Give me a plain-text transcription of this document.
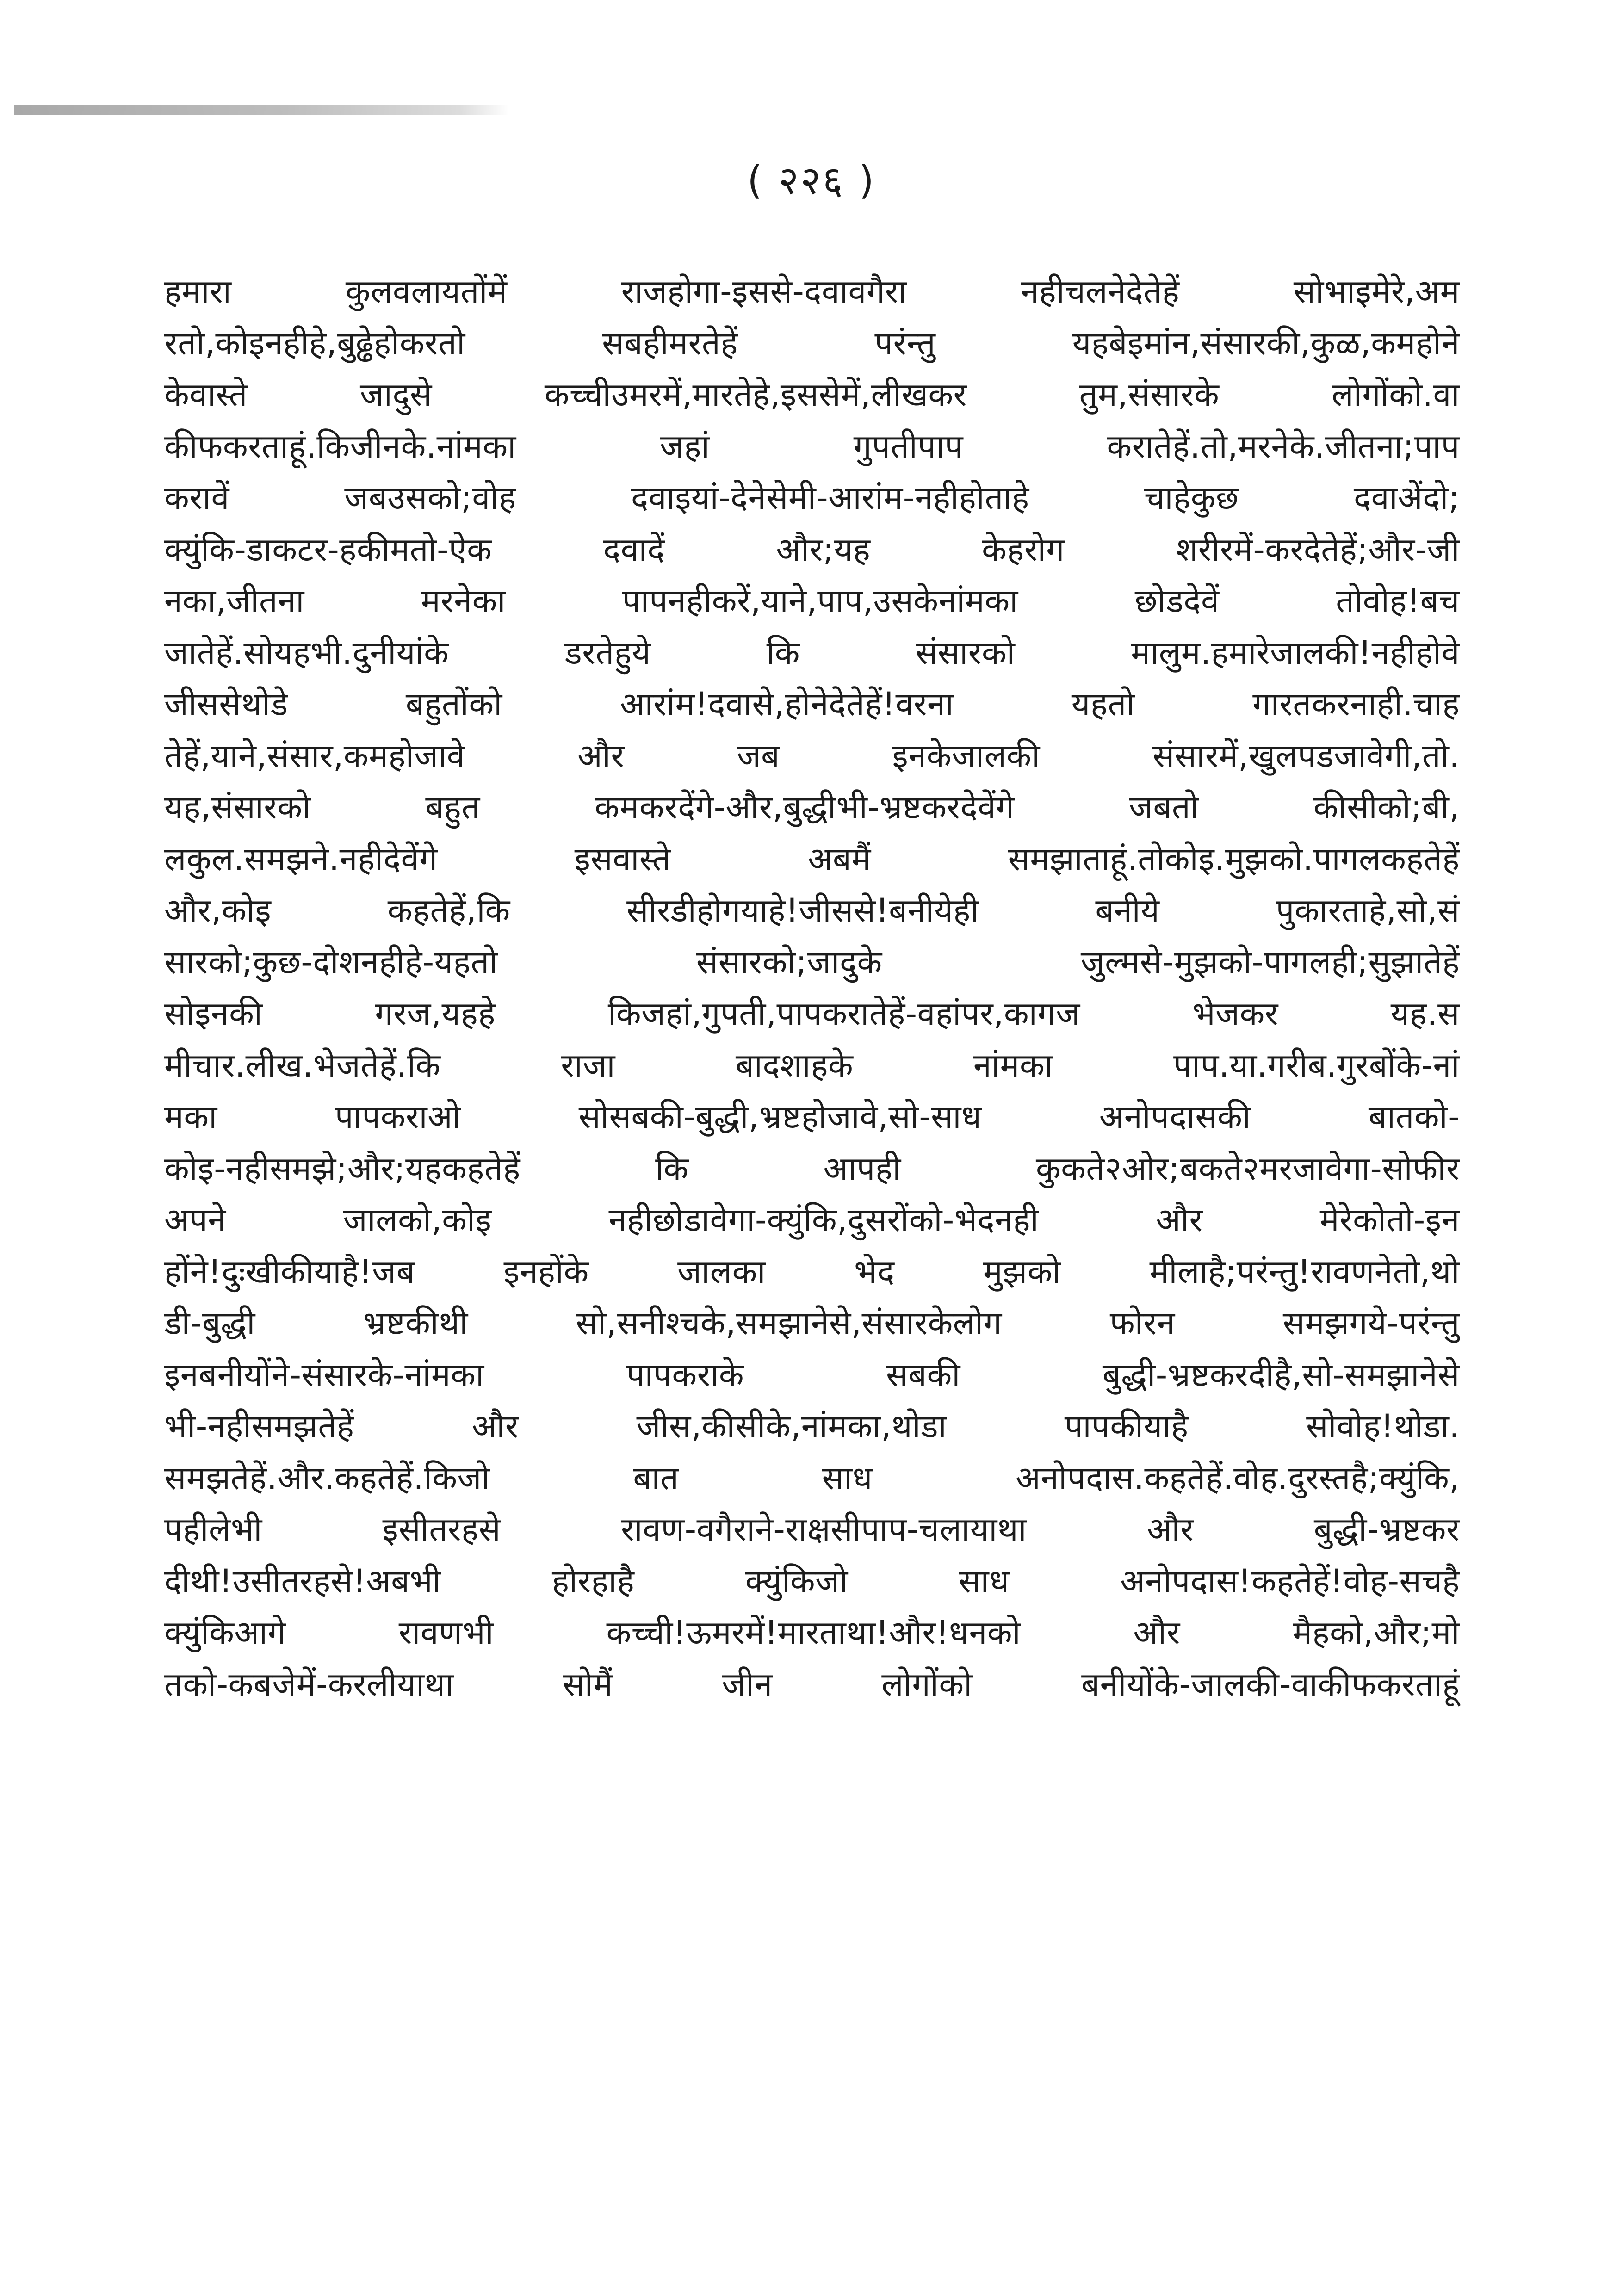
( २२६ )
हमारा कुलवलायतोंमें राजहोगा-इससे-दवावगैरा नहीचलनेदेतेहें सोभाइमेरे,अम
रतो,कोइनहीहे,बुढ्ढेहोकरतो सबहीमरतेहें परंन्तु यहबेइमांन,संसारकी,कुळ,कमहोने
केवास्ते जादुसे कच्चीउमरमें,मारतेहे,इससेमें,लीखकर तुम,संसारके लोगोंको.वा
कीफकरताहूं.किजीनके.नांमका जहां गुपतीपाप करातेहें.तो,मरनेके.जीतना;पाप
करावें जबउसको;वोह दवाइयां-देनेसेमी-आरांम-नहीहोताहे चाहेकुछ दवाअेंदो;
क्युंकि-डाकटर-हकीमतो-ऐक दवादें और;यह केहरोग शरीरमें-करदेतेहें;और-जी
नका,जीतना मरनेका पापनहीकरें,याने,पाप,उसकेनांमका छोडदेवें तोवोह!बच
जातेहें.सोयहभी.दुनीयांके डरतेहुये कि संसारको मालुम.हमारेजालकी!नहीहोवे
जीससेथोडे बहुतोंको आरांम!दवासे,होनेदेतेहें!वरना यहतो गारतकरनाही.चाह
तेहें,याने,संसार,कमहोजावे और जब इनकेजालकी संसारमें,खुलपडजावेगी,तो.
यह,संसारको बहुत कमकरदेंगे-और,बुद्धीभी-भ्रष्टकरदेवेंगे जबतो कीसीको;बी,
लकुल.समझने.नहीदेवेंगे इसवास्ते अबमैं समझाताहूं.तोकोइ.मुझको.पागलकहतेहें
और,कोइ कहतेहें,कि सीरडीहोगयाहे!जीससे!बनीयेही बनीये पुकारताहे,सो,सं
सारको;कुछ-दोशनहीहे-यहतो संसारको;जादुके जुल्मसे-मुझको-पागलही;सुझातेहें
सोइनकी गरज,यहहे किजहां,गुपती,पापकरातेहें-वहांपर,कागज भेजकर यह.स
मीचार.लीख.भेजतेहें.कि राजा बादशाहके नांमका पाप.या.गरीब.गुरबोंके-नां
मका पापकराओ सोसबकी-बुद्धी,भ्रष्टहोजावे,सो-साध अनोपदासकी बातको-
कोइ-नहीसमझे;और;यहकहतेहें कि आपही कुकते२ओर;बकते२मरजावेगा-सोफीर
अपने जालको,कोइ नहीछोडावेगा-क्युंकि,दुसरोंको-भेदनही और मेरेकोतो-इन
होंने!दुःखीकीयाहै!जब इनहोंके जालका भेद मुझको मीलाहै;परंन्तु!रावणनेतो,थो
डी-बुद्धी भ्रष्टकीथी सो,सनीश्चके,समझानेसे,संसारकेलोग फोरन समझगये-परंन्तु
इनबनीयोंने-संसारके-नांमका पापकराके सबकी बुद्धी-भ्रष्टकरदीहै,सो-समझानेसे
भी-नहीसमझतेहें और जीस,कीसीके,नांमका,थोडा पापकीयाहै सोवोह!थोडा.
समझतेहें.और.कहतेहें.किजो बात साध अनोपदास.कहतेहें.वोह.दुरस्तहै;क्युंकि,
पहीलेभी इसीतरहसे रावण-वगैराने-राक्षसीपाप-चलायाथा और बुद्धी-भ्रष्टकर
दीथी!उसीतरहसे!अबभी होरहाहै क्युंकिजो साध अनोपदास!कहतेहें!वोह-सचहै
क्युंकिआगे रावणभी कच्ची!ऊमरमें!मारताथा!और!धनको और मैहको,और;मो
तको-कबजेमें-करलीयाथा सोमैं जीन लोगोंको बनीयोंके-जालकी-वाकीफकरताहूं
